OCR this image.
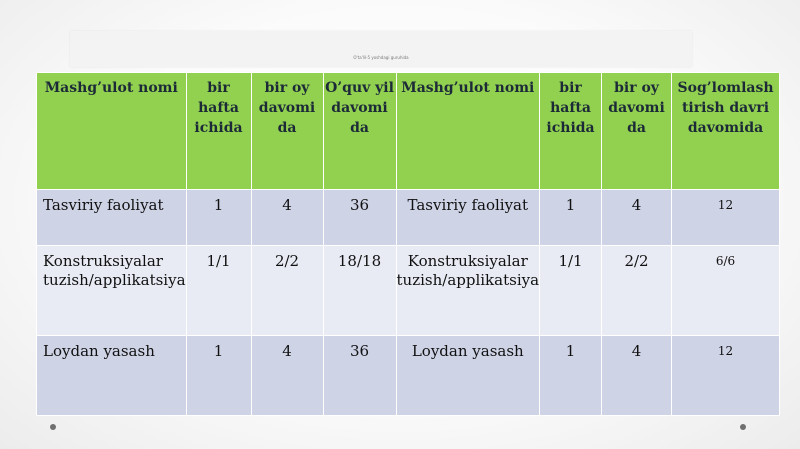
O'ta'lil-5 yoshdagi guruhida
Mashg’ulot nomi	bir hafta ichida	bir oy davomi da	O’quv yil davomi da	Mashg’ulot nomi	bir hafta ichida	bir oy davomi da	Sog’lomlash tirish davri davomida
Tasviriy faoliyat	1	4	36	Tasviriy faoliyat	1	4	12
Konstruksiyalar tuzish/applikatsiya	1/1	2/2	18/18	Konstruksiyalar tuzish/applikatsiya	1/1	2/2	6/6
Loydan yasash	1	4	36	Loydan yasash	1	4	12
